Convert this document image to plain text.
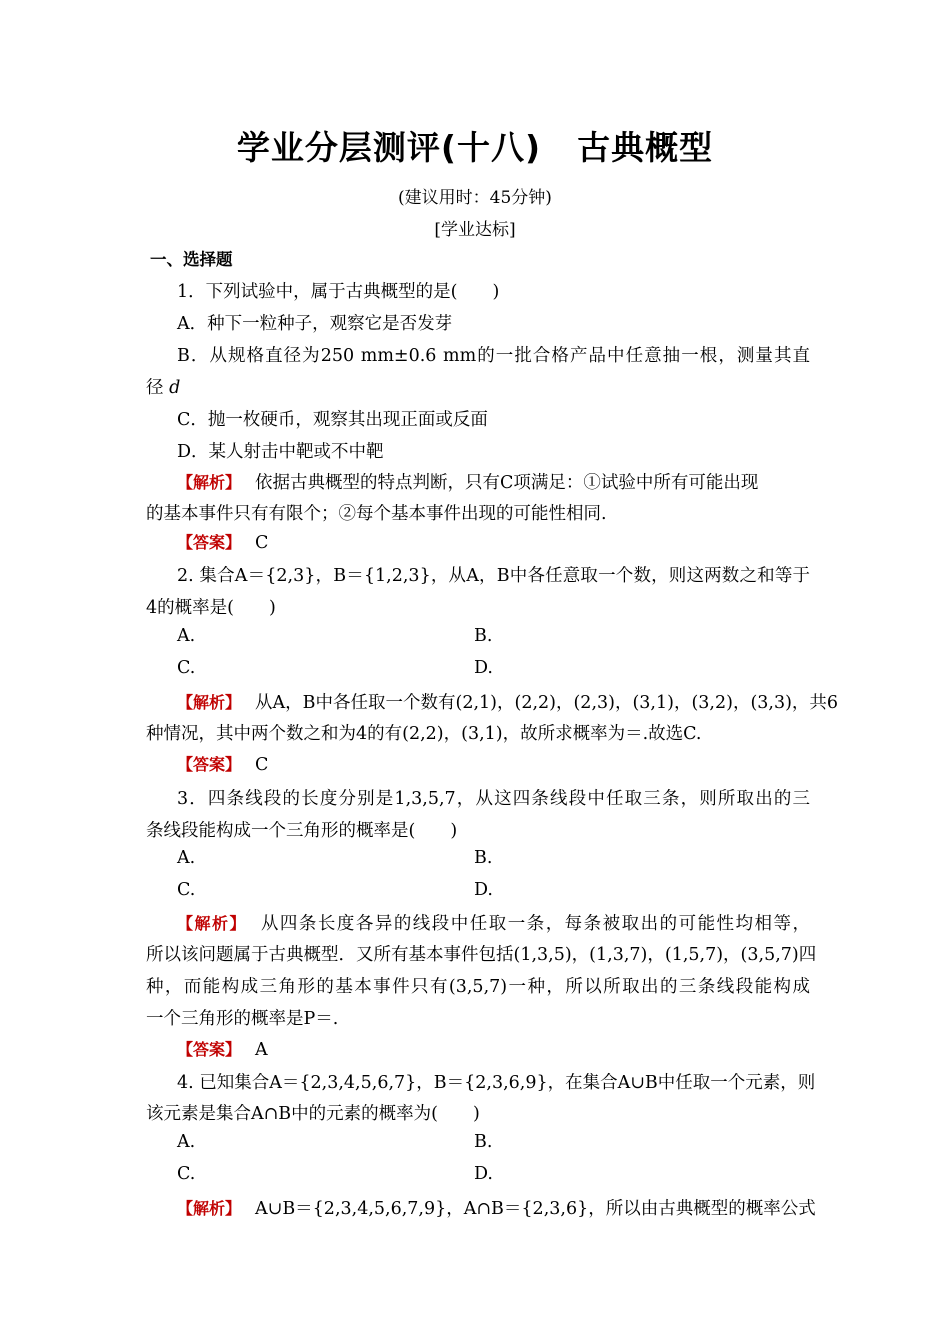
学业分层测评(十八) 古典概型
(建议用时：45分钟)
[学业达标]
一、选择题
1．下列试验中，属于古典概型的是(　　)
A．种下一粒种子，观察它是否发芽
B．从规格直径为250 mm±0.6 mm的一批合格产品中任意抽一根，测量其直
径 d
C．抛一枚硬币，观察其出现正面或反面
D．某人射击中靶或不中靶
【解析】 依据古典概型的特点判断，只有C项满足：①试验中所有可能出现
的基本事件只有有限个；②每个基本事件出现的可能性相同.
【答案】 C
2. 集合A＝{2,3}，B＝{1,2,3}，从A，B中各任意取一个数，则这两数之和等于
4的概率是(　　)
A.	B.
C.	D.
【解析】 从A，B中各任取一个数有(2,1)，(2,2)，(2,3)，(3,1)，(3,2)，(3,3)，共6
种情况，其中两个数之和为4的有(2,2)，(3,1)，故所求概率为＝.故选C.
【答案】 C
3．四条线段的长度分别是1,3,5,7，从这四条线段中任取三条，则所取出的三
条线段能构成一个三角形的概率是(　　)
A.	B.
C.	D.
【解析】 从四条长度各异的线段中任取一条，每条被取出的可能性均相等，
所以该问题属于古典概型．又所有基本事件包括(1,3,5)，(1,3,7)，(1,5,7)，(3,5,7)四
种，而能构成三角形的基本事件只有(3,5,7)一种，所以所取出的三条线段能构成
一个三角形的概率是P＝.
【答案】 A
4. 已知集合A＝{2,3,4,5,6,7}，B＝{2,3,6,9}，在集合A∪B中任取一个元素，则
该元素是集合A∩B中的元素的概率为(　　)
A.	B.
C.	D.
【解析】 A∪B＝{2,3,4,5,6,7,9}，A∩B＝{2,3,6}，所以由古典概型的概率公式
